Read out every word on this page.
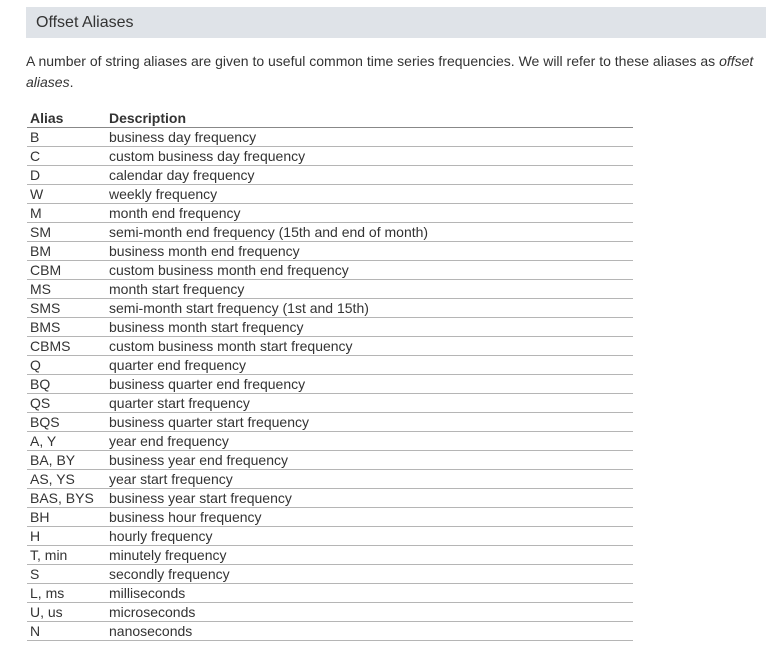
Offset Aliases

A number of string aliases are given to useful common time series frequencies. We will refer to these aliases as offset aliases.

Alias	Description
B	business day frequency
C	custom business day frequency
D	calendar day frequency
W	weekly frequency
M	month end frequency
SM	semi-month end frequency (15th and end of month)
BM	business month end frequency
CBM	custom business month end frequency
MS	month start frequency
SMS	semi-month start frequency (1st and 15th)
BMS	business month start frequency
CBMS	custom business month start frequency
Q	quarter end frequency
BQ	business quarter end frequency
QS	quarter start frequency
BQS	business quarter start frequency
A, Y	year end frequency
BA, BY	business year end frequency
AS, YS	year start frequency
BAS, BYS	business year start frequency
BH	business hour frequency
H	hourly frequency
T, min	minutely frequency
S	secondly frequency
L, ms	milliseconds
U, us	microseconds
N	nanoseconds
